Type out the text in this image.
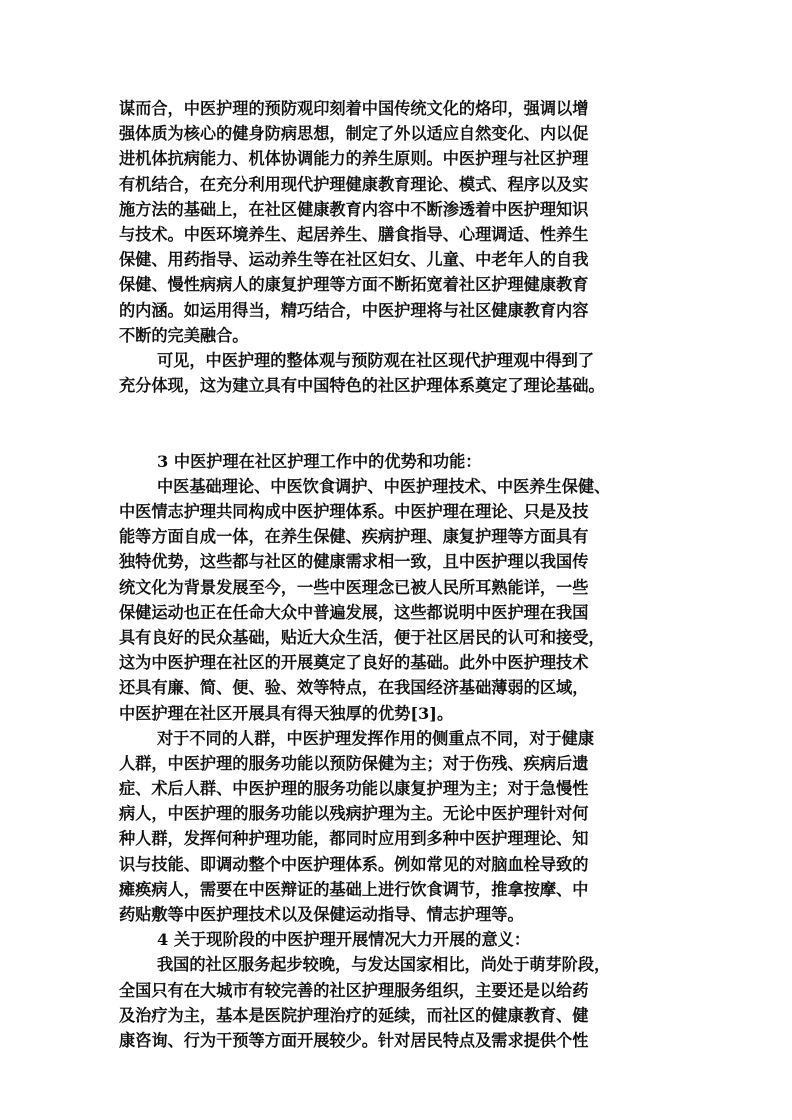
谋而合，中医护理的预防观印刻着中国传统文化的烙印，强调以增
强体质为核心的健身防病思想，制定了外以适应自然变化、内以促
进机体抗病能力、机体协调能力的养生原则。中医护理与社区护理
有机结合，在充分利用现代护理健康教育理论、模式、程序以及实
施方法的基础上，在社区健康教育内容中不断渗透着中医护理知识
与技术。中医环境养生、起居养生、膳食指导、心理调适、性养生
保健、用药指导、运动养生等在社区妇女、儿童、中老年人的自我
保健、慢性病病人的康复护理等方面不断拓宽着社区护理健康教育
的内涵。如运用得当，精巧结合，中医护理将与社区健康教育内容
不断的完美融合。
可见，中医护理的整体观与预防观在社区现代护理观中得到了
充分体现，这为建立具有中国特色的社区护理体系奠定了理论基础。
3 中医护理在社区护理工作中的优势和功能：
中医基础理论、中医饮食调护、中医护理技术、中医养生保健、
中医情志护理共同构成中医护理体系。中医护理在理论、只是及技
能等方面自成一体，在养生保健、疾病护理、康复护理等方面具有
独特优势，这些都与社区的健康需求相一致，且中医护理以我国传
统文化为背景发展至今，一些中医理念已被人民所耳熟能详，一些
保健运动也正在任命大众中普遍发展，这些都说明中医护理在我国
具有良好的民众基础，贴近大众生活，便于社区居民的认可和接受，
这为中医护理在社区的开展奠定了良好的基础。此外中医护理技术
还具有廉、简、便、验、效等特点，在我国经济基础薄弱的区域，
中医护理在社区开展具有得天独厚的优势[3]。
对于不同的人群，中医护理发挥作用的侧重点不同，对于健康
人群，中医护理的服务功能以预防保健为主；对于伤残、疾病后遗
症、术后人群、中医护理的服务功能以康复护理为主；对于急慢性
病人，中医护理的服务功能以残病护理为主。无论中医护理针对何
种人群，发挥何种护理功能，都同时应用到多种中医护理理论、知
识与技能、即调动整个中医护理体系。例如常见的对脑血栓导致的
瘫痪病人，需要在中医辩证的基础上进行饮食调节，推拿按摩、中
药贴敷等中医护理技术以及保健运动指导、情志护理等。
4 关于现阶段的中医护理开展情况大力开展的意义：
我国的社区服务起步较晚，与发达国家相比，尚处于萌芽阶段，
全国只有在大城市有较完善的社区护理服务组织，主要还是以给药
及治疗为主，基本是医院护理治疗的延续，而社区的健康教育、健
康咨询、行为干预等方面开展较少。针对居民特点及需求提供个性
